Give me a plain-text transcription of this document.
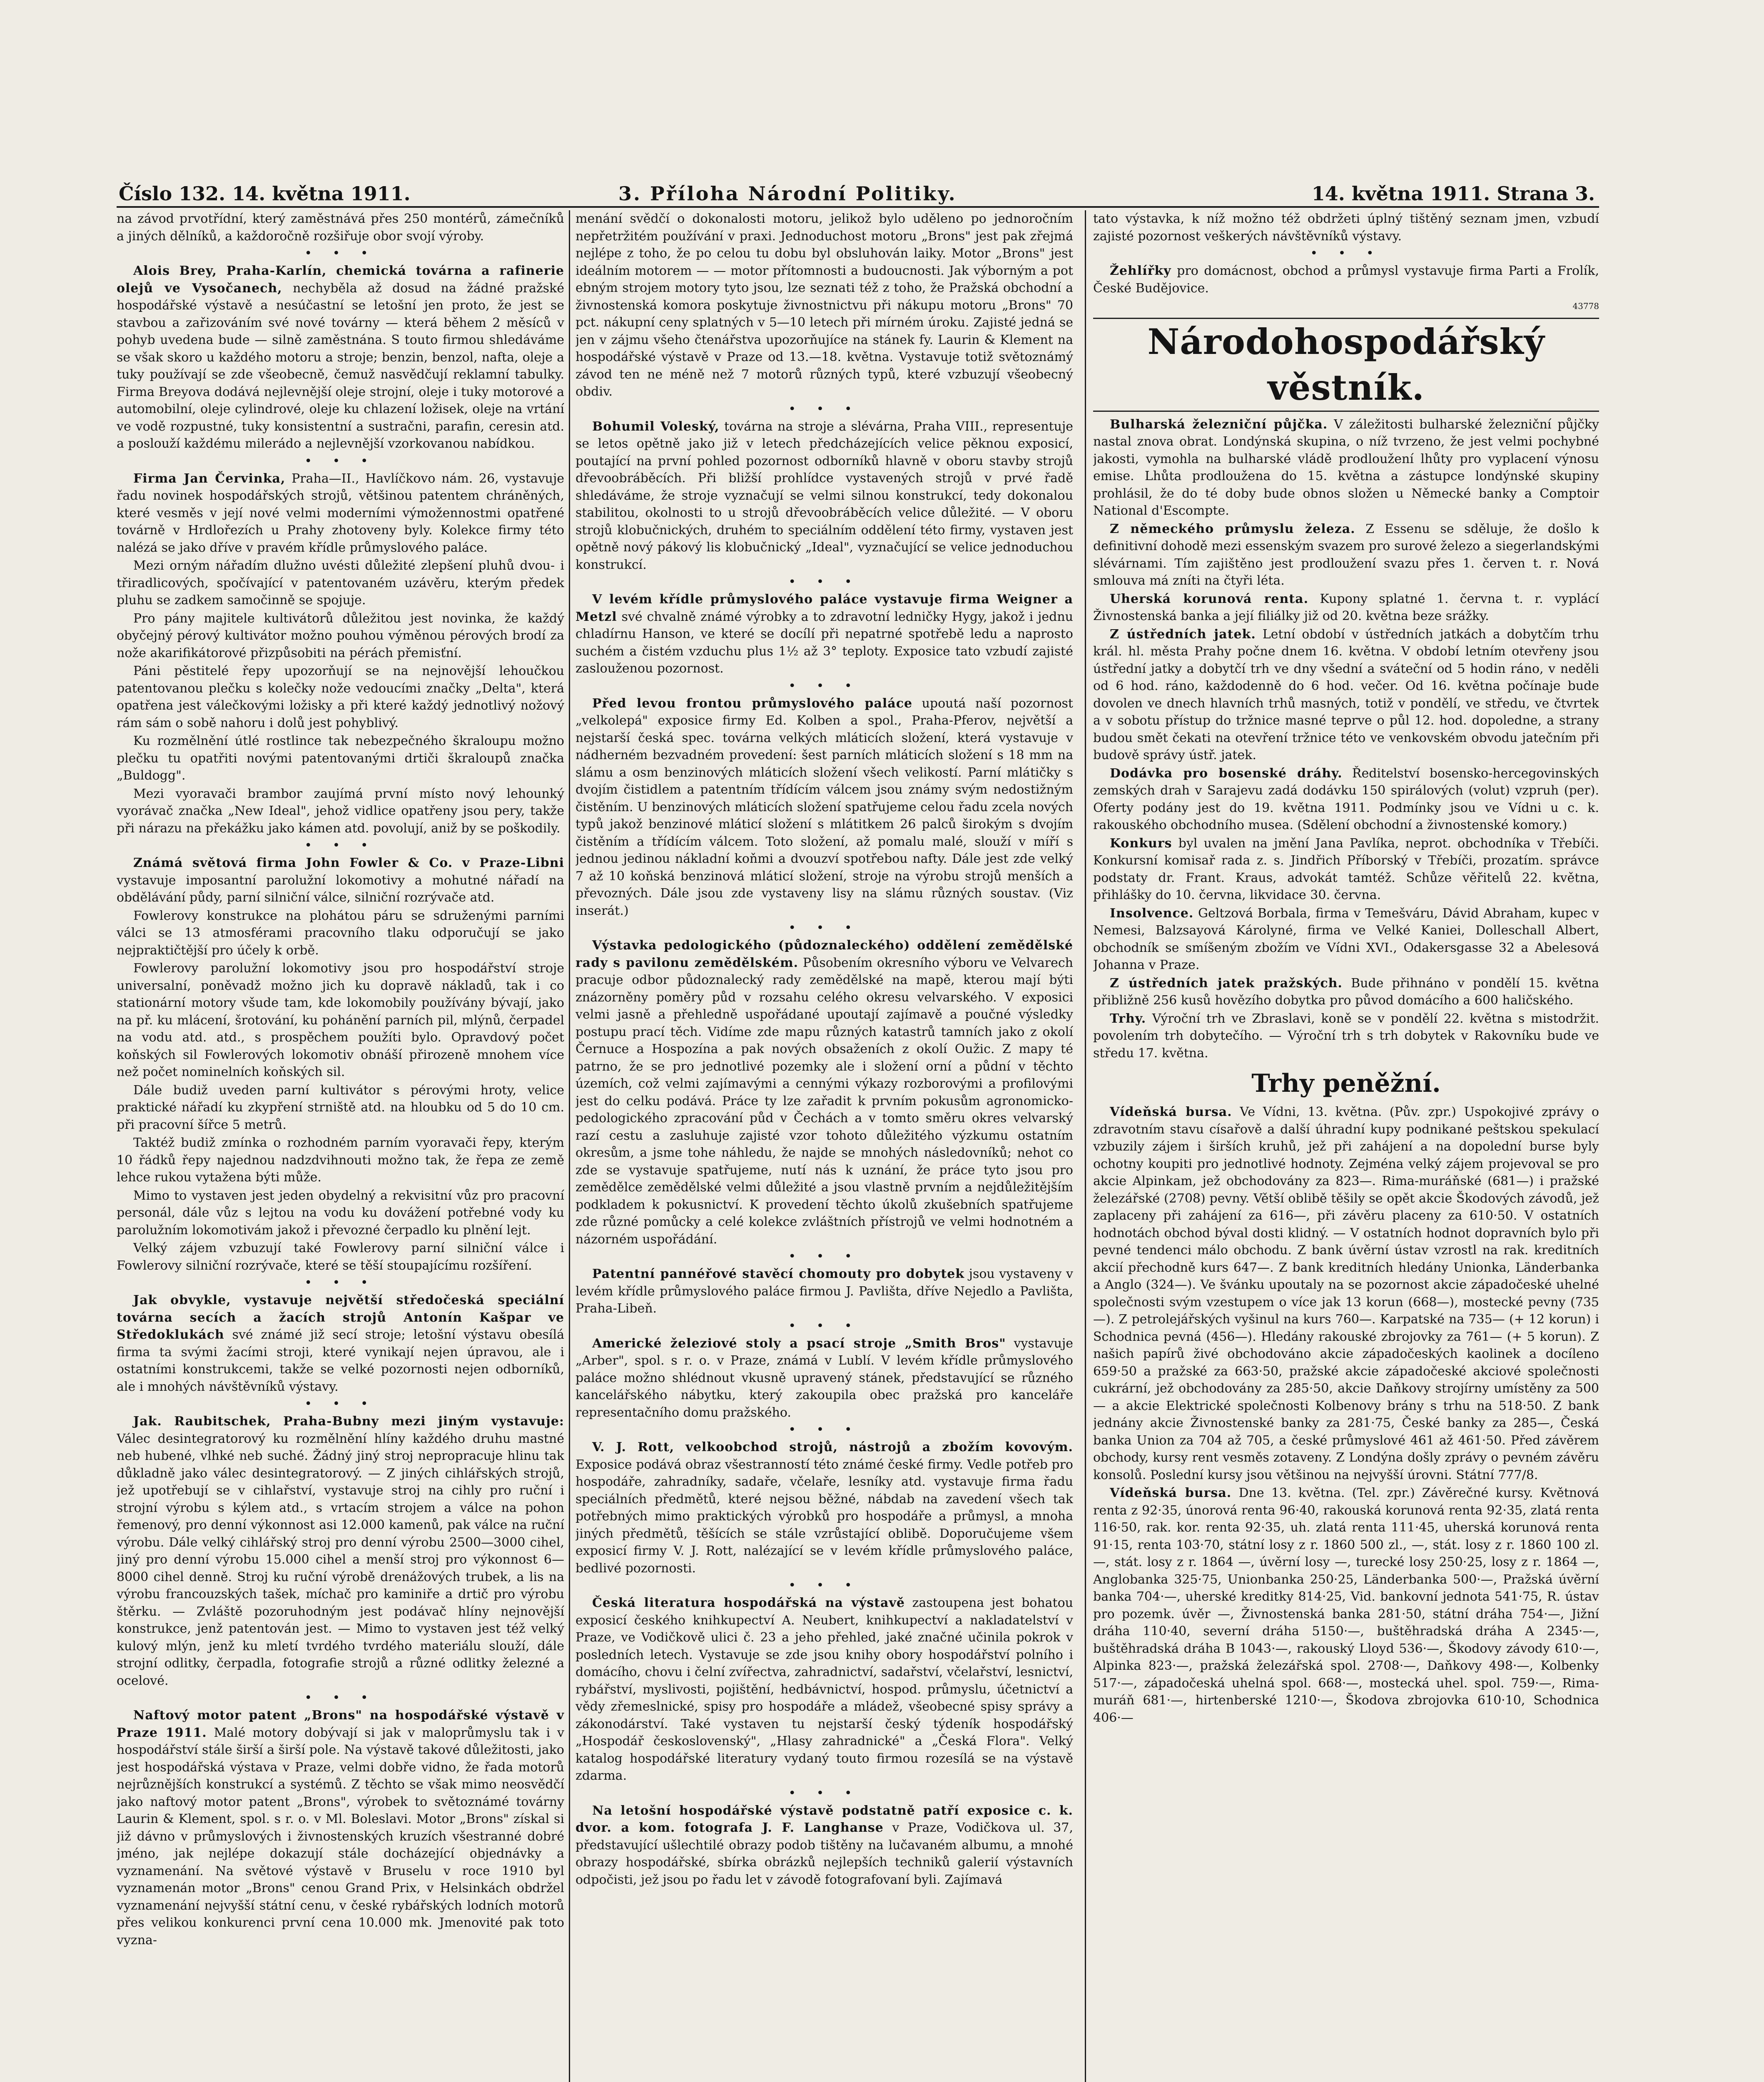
Číslo 132. 14. května 1911.	3. Příloha Národní Politiky.	14. května 1911. Strana 3.

na závod prvotřídní, který zaměstnává přes 250 montérů, zámečníků a jiných dělníků, a každoročně rozšiřuje obor svojí výroby.

• • •

Alois Brey, Praha-Karlín, chemická továrna a rafinerie olejů ve Vysočanech, nechyběla až dosud na žádné pražské hospodářské výstavě a nesúčastní se letošní jen proto, že jest se stavbou a zařizováním své nové továrny — která během 2 měsíců v pohyb uvedena bude — silně zaměstnána. S touto firmou shledáváme se však skoro u každého motoru a stroje; benzin, benzol, nafta, oleje a tuky používají se zde všeobecně, čemuž nasvědčují reklamní tabulky. Firma Breyova dodává nejlevnější oleje strojní, oleje i tuky motorové a automobilní, oleje cylindrové, oleje ku chlazení ložisek, oleje na vrtání ve vodě rozpustné, tuky konsistentní a sustračni, parafin, ceresin atd. a poslouží každému milerádo a nejlevnější vzorkovanou nabídkou.

• • •

Firma Jan Červinka, Praha—II., Havlíčkovo nám. 26, vystavuje řadu novinek hospodářských strojů, většinou patentem chráněných, které vesměs v její nové velmi moderními výmožennostmi opatřené továrně v Hrdlořezích u Prahy zhotoveny byly. Kolekce firmy této nalézá se jako dříve v pravém křídle průmyslového paláce.

Mezi orným nářadím dlužno uvésti důležité zlepšení pluhů dvou- i třiradlicových, spočívající v patentovaném uzávěru, kterým předek pluhu se zadkem samočinně se spojuje.

Pro pány majitele kultivátorů důležitou jest novinka, že každý obyčejný pérový kultivátor možno pouhou výměnou pérových brodí za nože akarifikátorové přizpůsobiti na pérách přemisťní.

Páni pěstitelé řepy upozorňují se na nejnovější lehoučkou patentovanou plečku s kolečky nože vedoucími značky „Delta", která opatřena jest válečkovými ložisky a při které každý jednotlivý nožový rám sám o sobě nahoru i dolů jest pohyblivý.

Ku rozmělnění útlé rostlince tak nebezpečného škraloupu možno plečku tu opatřiti novými patentovanými drtiči škraloupů značka „Buldogg".

Mezi vyoravači brambor zaujímá první místo nový lehounký vyorávač značka „New Ideal", jehož vidlice opatřeny jsou pery, takže při nárazu na překážku jako kámen atd. povolují, aniž by se poškodily.

• • •

Známá světová firma John Fowler & Co. v Praze-Libni vystavuje imposantní parolužní lokomotivy a mohutné nářadí na obdělávání půdy, parní silniční válce, silniční rozrývače atd.

Fowlerovy konstrukce na plohátou páru se sdruženými parními válci se 13 atmosférami pracovního tlaku odporučují se jako nejpraktičtější pro účely k orbě.

Fowlerovy parolužní lokomotivy jsou pro hospodářství stroje universalní, poněvadž možno jich ku dopravě nákladů, tak i co stationární motory všude tam, kde lokomobily používány bývají, jako na př. ku mlácení, šrotování, ku pohánění parních pil, mlýnů, čerpadel na vodu atd. atd., s prospěchem použíti bylo. Opravdový počet koňských sil Fowlerových lokomotiv obnáší přirozeně mnohem více než počet nominelních koňských sil.

Dále budiž uveden parní kultivátor s pérovými hroty, velice praktické nářadí ku zkypření strniště atd. na hloubku od 5 do 10 cm. při pracovní šířce 5 metrů.

Taktéž budiž zmínka o rozhodném parním vyoravači řepy, kterým 10 řádků řepy najednou nadzdvihnouti možno tak, že řepa ze země lehce rukou vytažena býti může.

Mimo to vystaven jest jeden obydelný a rekvisitní vůz pro pracovní personál, dále vůz s lejtou na vodu ku dovážení potřebné vody ku parolužním lokomotivám jakož i převozné čerpadlo ku plnění lejt.

Velký zájem vzbuzují také Fowlerovy parní silniční válce i Fowlerovy silniční rozrývače, které se těší stoupajícímu rozšíření.

• • •

Jak obvykle, vystavuje největší středočeská speciální továrna secích a žacích strojů Antonín Kašpar ve Středoklukách své známé již secí stroje; letošní výstavu obesílá firma ta svými žacími stroji, které vynikají nejen úpravou, ale i ostatními konstrukcemi, takže se velké pozornosti nejen odborníků, ale i mnohých návštěvníků výstavy.

• • •

Jak. Raubitschek, Praha-Bubny mezi jiným vystavuje: Válec desintegratorový ku rozmělnění hlíny každého druhu mastné neb hubené, vlhké neb suché. Žádný jiný stroj nepropracuje hlinu tak důkladně jako válec desintegratorový. — Z jiných cihlářských strojů, jež upotřebují se v cihlařství, vystavuje stroj na cihly pro ruční i strojní výrobu s kýlem atd., s vrtacím strojem a válce na pohon řemenový, pro denní výkonnost asi 12.000 kamenů, pak válce na ruční výrobu. Dále velký cihlářský stroj pro denní výrobu 2500—3000 cihel, jiný pro denní výrobu 15.000 cihel a menší stroj pro výkonnost 6—8000 cihel denně. Stroj ku ruční výrobě drenážových trubek, a lis na výrobu francouzských tašek, míchač pro kaminiře a drtič pro výrobu štěrku. — Zvláště pozoruhodným jest podávač hlíny nejnovější konstrukce, jenž patentován jest. — Mimo to vystaven jest též velký kulový mlýn, jenž ku mletí tvrdého tvrdého materiálu slouží, dále strojní odlitky, čerpadla, fotografie strojů a různé odlitky železné a ocelové.

• • •

Naftový motor patent „Brons" na hospodářské výstavě v Praze 1911. Malé motory dobývají si jak v maloprůmyslu tak i v hospodářství stále širší a širší pole. Na výstavě takové důležitosti, jako jest hospodářská výstava v Praze, velmi dobře vidno, že řada motorů nejrůznějších konstrukcí a systémů. Z těchto se však mimo neosvědčí jako naftový motor patent „Brons", výrobek to světoznámé továrny Laurin & Klement, spol. s r. o. v Ml. Boleslavi. Motor „Brons" získal si již dávno v průmyslových i živnostenských kruzích všestranné dobré jméno, jak nejlépe dokazují stále docházející objednávky a vyznamenání. Na světové výstavě v Bruselu v roce 1910 byl vyznamenán motor „Brons" cenou Grand Prix, v Helsinkách obdržel vyznamenání nejvyšší státní cenu, v české rybářských lodních motorů přes velikou konkurenci první cena 10.000 mk. Jmenovité pak toto vyzna-

menání svědčí o dokonalosti motoru, jelikož bylo uděleno po jednoročním nepřetržitém používání v praxi. Jednoduchost motoru „Brons" jest pak zřejmá nejlépe z toho, že po celou tu dobu byl obsluhován laiky. Motor „Brons" jest ideálním motorem — — motor přítomnosti a budoucnosti. Jak výborným a pot ebným strojem motory tyto jsou, lze seznati též z toho, že Pražská obchodní a živnostenská komora poskytuje živnostnictvu při nákupu motoru „Brons" 70 pct. nákupní ceny splatných v 5—10 letech při mírném úroku. Zajisté jedná se jen v zájmu všeho čtenářstva upozorňujíce na stánek fy. Laurin & Klement na hospodářské výstavě v Praze od 13.—18. května. Vystavuje totiž světoznámý závod ten ne méně než 7 motorů různých typů, které vzbuzují všeobecný obdiv.

• • •

Bohumil Voleský, továrna na stroje a slévárna, Praha VIII., representuje se letos opětně jako již v letech předcházejících velice pěknou exposicí, poutající na první pohled pozornost odborníků hlavně v oboru stavby strojů dřevoobráběcích. Při bližší prohlídce vystavených strojů v prvé řadě shledáváme, že stroje vyznačují se velmi silnou konstrukcí, tedy dokonalou stabilitou, okolnosti to u strojů dřevoobráběcích velice důležité. — V oboru strojů klobučnických, druhém to speciálním oddělení této firmy, vystaven jest opětně nový pákový lis klobučnický „Ideal", vyznačující se velice jednoduchou konstrukcí.

• • •

V levém křídle průmyslového paláce vystavuje firma Weigner a Metzl své chvalně známé výrobky a to zdravotní ledničky Hygy, jakož i jednu chladírnu Hanson, ve které se docílí při nepatrné spotřebě ledu a naprosto suchém a čistém vzduchu plus 1½ až 3° teploty. Exposice tato vzbudí zajisté zaslouženou pozornost.

• • •

Před levou frontou průmyslového paláce upoutá naší pozornost „velkolepá" exposice firmy Ed. Kolben a spol., Praha-Pferov, největší a nejstarší česká spec. továrna velkých mláticích složení, která vystavuje v nádherném bezvadném provedení: šest parních mláticích složení s 18 mm na slámu a osm benzinových mláticích složení všech velikostí. Parní mlátičky s dvojím čistidlem a patentním třídícím válcem jsou známy svým nedostižným čistěním. U benzinových mláticích složení spatřujeme celou řadu zcela nových typů jakož benzinové mláticí složení s mlátitkem 26 palců širokým s dvojím čistěním a třídícím válcem. Toto složení, až pomalu malé, slouží v míří s jednou jedinou nákladní koňmi a dvouzví spotřebou nafty. Dále jest zde velký 7 až 10 koňská benzinová mláticí složení, stroje na výrobu strojů menších a převozných. Dále jsou zde vystaveny lisy na slámu různých soustav. (Viz inserát.)

• • •

Výstavka pedologického (půdoznaleckého) oddělení zemědělské rady s pavilonu zemědělském. Působením okresního výboru ve Velvarech pracuje odbor půdoznalecký rady zemědělské na mapě, kterou mají býti znázorněny poměry půd v rozsahu celého okresu velvarského. V exposici velmi jasně a přehledně uspořádané upoutají zajímavě a poučné výsledky postupu prací těch. Vidíme zde mapu různých katastrů tamních jako z okolí Černuce a Hospozína a pak nových obsaženích z okolí Oužic. Z mapy té patrno, že se pro jednotlivé pozemky ale i složení orní a půdní v těchto územích, což velmi zajímavými a cennými výkazy rozborovými a profilovými jest do celku podává. Práce ty lze zařadit k prvním pokusům agronomicko-pedologického zpracování půd v Čechách a v tomto směru okres velvarský razí cestu a zasluhuje zajisté vzor tohoto důležitého výzkumu ostatním okresům, a jsme tohe náhledu, že najde se mnohých následovníků; nehot co zde se vystavuje spatřujeme, nutí nás k uznání, že práce tyto jsou pro zemědělce zemědělské velmi důležité a jsou vlastně prvním a nejdůležitějším podkladem k pokusnictví. K provedení těchto úkolů zkušebních spatřujeme zde různé pomůcky a celé kolekce zvláštních přístrojů ve velmi hodnotném a názorném uspořádání.

• • •

Patentní pannéřové stavěcí chomouty pro dobytek jsou vystaveny v levém křídle průmyslového paláce firmou J. Pavlišta, dříve Nejedlo a Pavlišta, Praha-Libeň.

• • •

Americké železiové stoly a psací stroje „Smith Bros" vystavuje „Arber", spol. s r. o. v Praze, známá v Lublí. V levém křídle průmyslového paláce možno shlédnout vkusně upravený stánek, představující se různého kancelářského nábytku, který zakoupila obec pražská pro kanceláře representačního domu pražského.

• • •

V. J. Rott, velkoobchod strojů, nástrojů a zbožím kovovým. Exposice podává obraz všestranností této známé české firmy. Vedle potřeb pro hospodáře, zahradníky, sadaře, včelaře, lesníky atd. vystavuje firma řadu speciálních předmětů, které nejsou běžné, nábdab na zavedení všech tak potřebných mimo praktických výrobků pro hospodáře a průmysl, a mnoha jiných předmětů, těšících se stále vzrůstající oblibě. Doporučujeme všem exposicí firmy V. J. Rott, nalézající se v levém křídle průmyslového paláce, bedlivé pozornosti.

• • •

Česká literatura hospodářská na výstavě zastoupena jest bohatou exposicí českého knihkupectví A. Neubert, knihkupectví a nakladatelství v Praze, ve Vodičkově ulici č. 23 a jeho přehled, jaké značné učinila pokrok v posledních letech. Vystavuje se zde jsou knihy obory hospodářství polního i domácího, chovu i čelní zvířectva, zahradnictví, sadařství, včelařství, lesnictví, rybářství, myslivosti, pojištění, hedbávnictví, hospod. průmyslu, účetnictví a vědy zřemeslnické, spisy pro hospodáře a mládež, všeobecné spisy správy a zákonodárství. Také vystaven tu nejstarší český týdeník hospodářský „Hospodář československý", „Hlasy zahradnické" a „Česká Flora". Velký katalog hospodářské literatury vydaný touto firmou rozesílá se na výstavě zdarma.

• • •

Na letošní hospodářské výstavě podstatně patří exposice c. k. dvor. a kom. fotografa J. F. Langhanse v Praze, Vodičkova ul. 37, představující ušlechtilé obrazy podob tištěny na lučavaném albumu, a mnohé obrazy hospodářské, sbírka obrázků nejlepších techniků galerií výstavních odpočisti, jež jsou po řadu let v závodě fotografovaní byli. Zajímavá

tato výstavka, k níž možno též obdržeti úplný tištěný seznam jmen, vzbudí zajisté pozornost veškerých návštěvníků výstavy.

• • •

Žehlířky pro domácnost, obchod a průmysl vystavuje firma Parti a Frolík, České Budějovice.

43778
Národohospodářský věstník.

Bulharská železniční půjčka. V záležitosti bulharské železniční půjčky nastal znova obrat. Londýnská skupina, o níž tvrzeno, že jest velmi pochybné jakosti, vymohla na bulharské vládě prodloužení lhůty pro vyplacení výnosu emise. Lhůta prodloužena do 15. května a zástupce londýnské skupiny prohlásil, že do té doby bude obnos složen u Německé banky a Comptoir National d'Escompte.

Z německého průmyslu železa. Z Essenu se sděluje, že došlo k definitivní dohodě mezi essenským svazem pro surové železo a siegerlandskými slévárnami. Tím zajištěno jest prodloužení svazu přes 1. červen t. r. Nová smlouva má zníti na čtyři léta.

Uherská korunová renta. Kupony splatné 1. června t. r. vyplácí Živnostenská banka a její filiálky již od 20. května beze srážky.

Z ústředních jatek. Letní období v ústředních jatkách a dobytčím trhu král. hl. města Prahy počne dnem 16. května. V období letním otevřeny jsou ústřední jatky a dobytčí trh ve dny všední a sváteční od 5 hodin ráno, v neděli od 6 hod. ráno, každodenně do 6 hod. večer. Od 16. května počínaje bude dovolen ve dnech hlavních trhů masných, totiž v pondělí, ve středu, ve čtvrtek a v sobotu přístup do tržnice masné teprve o půl 12. hod. dopoledne, a strany budou smět čekati na otevření tržnice této ve venkovském obvodu jatečním při budově správy ústř. jatek.

Dodávka pro bosenské dráhy. Ředitelství bosensko-hercegovinských zemských drah v Sarajevu zadá dodávku 150 spirálových (volut) vzpruh (per). Oferty podány jest do 19. května 1911. Podmínky jsou ve Vídni u c. k. rakouského obchodního musea. (Sdělení obchodní a živnostenské komory.)

Konkurs byl uvalen na jmění Jana Pavlíka, neprot. obchodníka v Třebíči. Konkursní komisař rada z. s. Jindřich Příborský v Třebíči, prozatím. správce podstaty dr. Frant. Kraus, advokát tamtéž. Schůze věřitelů 22. května, přihlášky do 10. června, likvidace 30. června.

Insolvence. Geltzová Borbala, firma v Temešváru, Dávid Abraham, kupec v Nemesi, Balzsayová Károlyné, firma ve Velké Kaniei, Dolleschall Albert, obchodník se smíšeným zbožím ve Vídni XVI., Odakersgasse 32 a Abelesová Johanna v Praze.

Z ústředních jatek pražských. Bude přihnáno v pondělí 15. května přibližně 256 kusů hovězího dobytka pro původ domácího a 600 haličského.

Trhy. Výroční trh ve Zbraslavi, koně se v pondělí 22. května s mistodržit. povolením trh dobytečího. — Výroční trh s trh dobytek v Rakovníku bude ve středu 17. května.

Trhy peněžní.

Vídeňská bursa. Ve Vídni, 13. května. (Pův. zpr.) Uspokojivé zprávy o zdravotním stavu císařově a další úhradní kupy podnikané peštskou spekulací vzbuzily zájem i širších kruhů, jež při zahájení a na dopolední burse byly ochotny koupiti pro jednotlivé hodnoty. Zejména velký zájem projevoval se pro akcie Alpinkam, jež obchodovány za 823—. Rima-muráňské (681—) i pražské železářské (2708) pevny. Větší oblibě těšily se opět akcie Škodových závodů, jež zaplaceny při zahájení za 616—, při závěru placeny za 610·50. V ostatních hodnotách obchod býval dosti klidný. — V ostatních hodnot dopravních bylo při pevné tendenci málo obchodu. Z bank úvěrní ústav vzrostl na rak. kreditních akcií přechodně kurs 647—. Z bank kreditních hledány Unionka, Länderbanka a Anglo (324—). Ve švánku upoutaly na se pozornost akcie západočeské uhelné společnosti svým vzestupem o více jak 13 korun (668—), mostecké pevny (735—). Z petrolejářských vyšinul na kurs 760—. Karpatské na 735— (+ 12 korun) i Schodnica pevná (456—). Hledány rakouské zbrojovky za 761— (+ 5 korun). Z našich papírů živé obchodováno akcie západočeských kaolinek a docíleno 659·50 a pražské za 663·50, pražské akcie západočeské akciové společnosti cukrární, jež obchodovány za 285·50, akcie Daňkovy strojírny umístěny za 500— a akcie Elektrické společnosti Kolbenovy brány s trhu na 518·50. Z bank jednány akcie Živnostenské banky za 281·75, České banky za 285—, Česká banka Union za 704 až 705, a české průmyslové 461 až 461·50. Před závěrem obchody, kursy rent vesměs zotaveny. Z Londýna došly zprávy o pevném závěru konsolů. Poslední kursy jsou většinou na nejvyšší úrovni. Státní 777/8.

Vídeňská bursa. Dne 13. května. (Tel. zpr.) Závěrečné kursy. Květnová renta z 92·35, únorová renta 96·40, rakouská korunová renta 92·35, zlatá renta 116·50, rak. kor. renta 92·35, uh. zlatá renta 111·45, uherská korunová renta 91·15, renta 103·70, státní losy z r. 1860 500 zl., —, stát. losy z r. 1860 100 zl. —, stát. losy z r. 1864 —, úvěrní losy —, turecké losy 250·25, losy z r. 1864 —, Anglobanka 325·75, Unionbanka 250·25, Länderbanka 500·—, Pražská úvěrní banka 704·—, uherské kreditky 814·25, Vid. bankovní jednota 541·75, R. ústav pro pozemk. úvěr —, Živnostenská banka 281·50, státní dráha 754·—, Jižní dráha 110·40, severní dráha 5150·—, buštěhradská dráha A 2345·—, buštěhradská dráha B 1043·—, rakouský Lloyd 536·—, Škodovy závody 610·—, Alpinka 823·—, pražská železářská spol. 2708·—, Daňkovy 498·—, Kolbenky 517·—, západočeská uhelná spol. 668·—, mostecká uhel. spol. 759·—, Rima-muráň 681·—, hirtenberské 1210·—, Škodova zbrojovka 610·10, Schodnica 406·—
